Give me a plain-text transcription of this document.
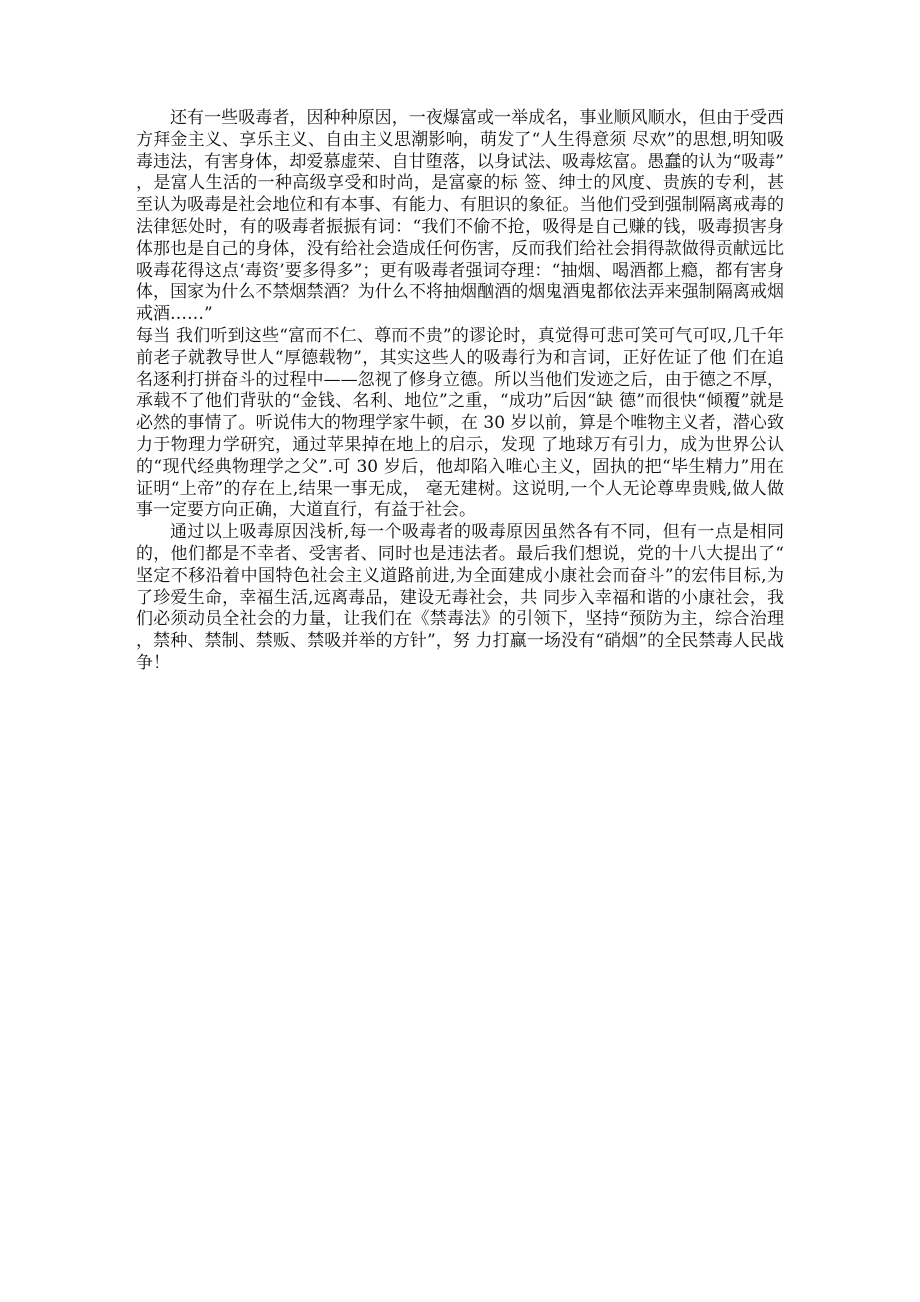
还有一些吸毒者，因种种原因，一夜爆富或一举成名，事业顺风顺水，但由于受西方拜金主义、享乐主义、自由主义思潮影响，萌发了“人生得意须 尽欢”的思想,明知吸毒违法，有害身体，却爱慕虚荣、自甘堕落，以身试法、吸毒炫富。愚蠢的认为“吸毒”，是富人生活的一种高级享受和时尚，是富豪的标 签、绅士的风度、贵族的专利，甚至认为吸毒是社会地位和有本事、有能力、有胆识的象征。当他们受到强制隔离戒毒的法律惩处时，有的吸毒者振振有词：“我们不偷不抢，吸得是自己赚的钱，吸毒损害身体那也是自己的身体，没有给社会造成任何伤害，反而我们给社会捐得款做得贡献远比吸毒花得这点‘毒资’要多得多”；更有吸毒者强词夺理：“抽烟、喝酒都上瘾，都有害身体，国家为什么不禁烟禁酒？为什么不将抽烟酗酒的烟鬼酒鬼都依法弄来强制隔离戒烟戒酒……”

每当 我们听到这些“富而不仁、尊而不贵”的谬论时，真觉得可悲可笑可气可叹,几千年前老子就教导世人“厚德载物”，其实这些人的吸毒行为和言词，正好佐证了他 们在追名逐利打拼奋斗的过程中——忽视了修身立德。所以当他们发迹之后，由于德之不厚，承载不了他们背驮的“金钱、名利、地位”之重，“成功”后因“缺 德”而很快“倾覆”就是必然的事情了。听说伟大的物理学家牛顿，在 30 岁以前，算是个唯物主义者，潜心致力于物理力学研究，通过苹果掉在地上的启示，发现 了地球万有引力，成为世界公认的“现代经典物理学之父”.可 30 岁后，他却陷入唯心主义，固执的把“毕生精力”用在证明“上帝”的存在上,结果一事无成， 毫无建树。这说明,一个人无论尊卑贵贱,做人做事一定要方向正确，大道直行，有益于社会。

通过以上吸毒原因浅析,每一个吸毒者的吸毒原因虽然各有不同，但有一点是相同的，他们都是不幸者、受害者、同时也是违法者。最后我们想说，党的十八大提出了“坚定不移沿着中国特色社会主义道路前进,为全面建成小康社会而奋斗”的宏伟目标,为了珍爱生命，幸福生活,远离毒品，建设无毒社会，共 同步入幸福和谐的小康社会，我们必须动员全社会的力量，让我们在《禁毒法》的引领下，坚持“预防为主，综合治理，禁种、禁制、禁贩、禁吸并举的方针”，努 力打赢一场没有“硝烟”的全民禁毒人民战争！
